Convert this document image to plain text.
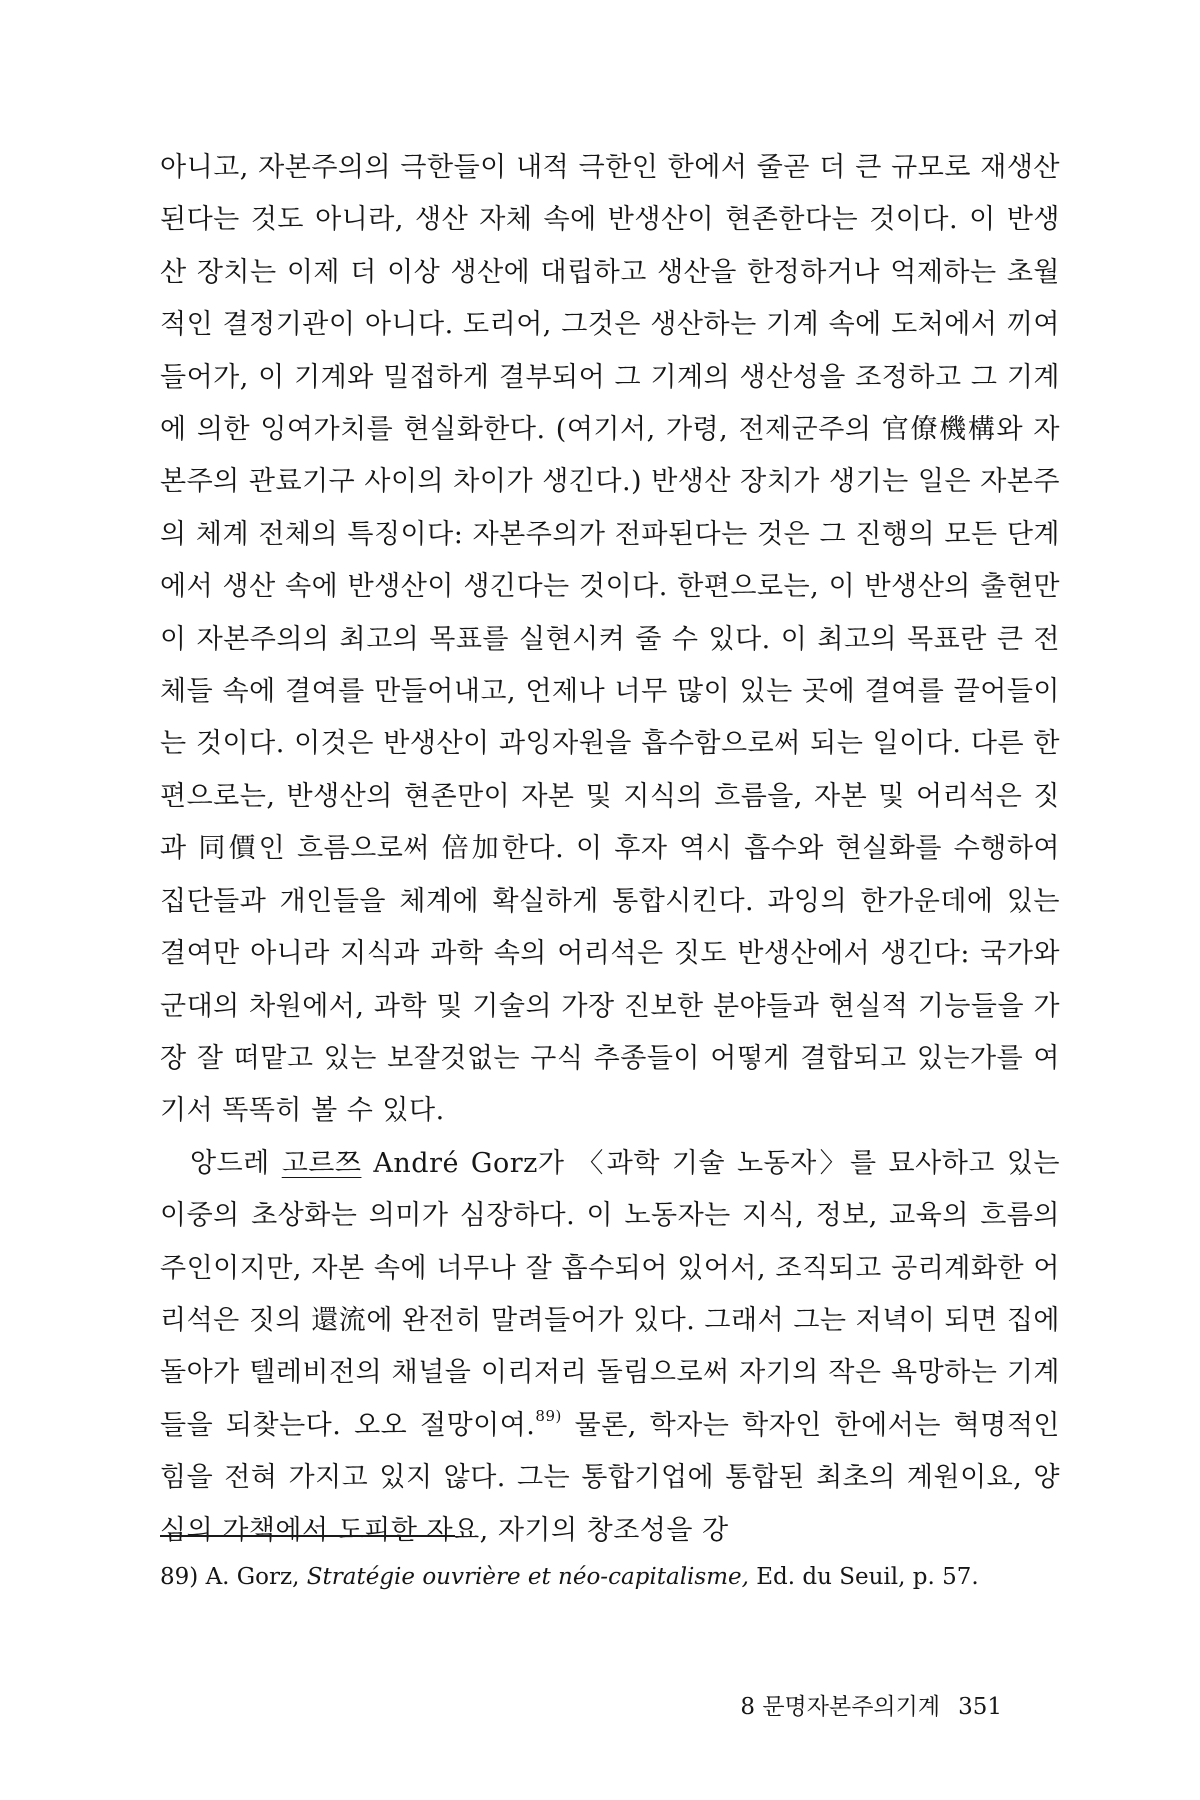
아니고, 자본주의의 극한들이 내적 극한인 한에서 줄곧 더 큰 규모로 재생산된다는 것도 아니라, 생산 자체 속에 반생산이 현존한다는 것이다. 이 반생산 장치는 이제 더 이상 생산에 대립하고 생산을 한정하거나 억제하는 초월적인 결정기관이 아니다. 도리어, 그것은 생산하는 기계 속에 도처에서 끼여들어가, 이 기계와 밀접하게 결부되어 그 기계의 생산성을 조정하고 그 기계에 의한 잉여가치를 현실화한다. (여기서, 가령, 전제군주의 官僚機構와 자본주의 관료기구 사이의 차이가 생긴다.) 반생산 장치가 생기는 일은 자본주의 체계 전체의 특징이다: 자본주의가 전파된다는 것은 그 진행의 모든 단계에서 생산 속에 반생산이 생긴다는 것이다. 한편으로는, 이 반생산의 출현만이 자본주의의 최고의 목표를 실현시켜 줄 수 있다. 이 최고의 목표란 큰 전체들 속에 결여를 만들어내고, 언제나 너무 많이 있는 곳에 결여를 끌어들이는 것이다. 이것은 반생산이 과잉자원을 흡수함으로써 되는 일이다. 다른 한편으로는, 반생산의 현존만이 자본 및 지식의 흐름을, 자본 및 어리석은 짓과 同價인 흐름으로써 倍加한다. 이 후자 역시 흡수와 현실화를 수행하여 집단들과 개인들을 체계에 확실하게 통합시킨다. 과잉의 한가운데에 있는 결여만 아니라 지식과 과학 속의 어리석은 짓도 반생산에서 생긴다: 국가와 군대의 차원에서, 과학 및 기술의 가장 진보한 분야들과 현실적 기능들을 가장 잘 떠맡고 있는 보잘것없는 구식 추종들이 어떻게 결합되고 있는가를 여기서 똑똑히 볼 수 있다.

앙드레 고르쯔 André Gorz가 〈과학 기술 노동자〉를 묘사하고 있는 이중의 초상화는 의미가 심장하다. 이 노동자는 지식, 정보, 교육의 흐름의 주인이지만, 자본 속에 너무나 잘 흡수되어 있어서, 조직되고 공리계화한 어리석은 짓의 還流에 완전히 말려들어가 있다. 그래서 그는 저녁이 되면 집에 돌아가 텔레비전의 채널을 이리저리 돌림으로써 자기의 작은 욕망하는 기계들을 되찾는다. 오오 절망이여.$^{89)}$ 물론, 학자는 학자인 한에서는 혁명적인 힘을 전혀 가지고 있지 않다. 그는 통합기업에 통합된 최초의 계원이요, 양심의 가책에서 도피한 자요, 자기의 창조성을 강

89) A. Gorz, Stratégie ouvrière et néo-capitalisme, Ed. du Seuil, p. 57.
8 문명자본주의기계 351
